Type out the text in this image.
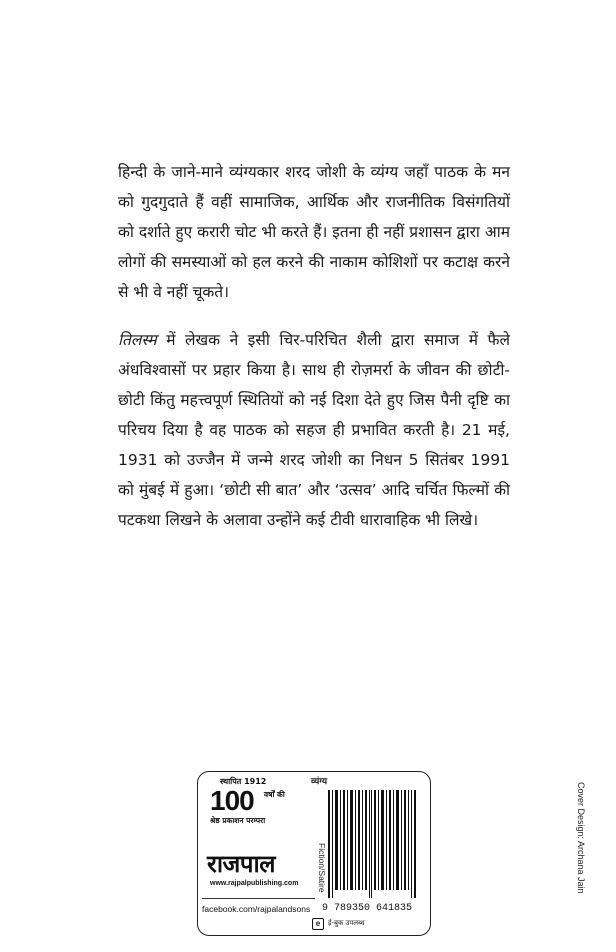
हिन्दी के जाने-माने व्यंग्यकार शरद जोशी के व्यंग्य जहाँ पाठक के मन को गुदगुदाते हैं वहीं सामाजिक, आर्थिक और राजनीतिक विसंगतियों को दर्शाते हुए करारी चोट भी करते हैं। इतना ही नहीं प्रशासन द्वारा आम लोगों की समस्याओं को हल करने की नाकाम कोशिशों पर कटाक्ष करने से भी वे नहीं चूकते।
तिलस्म में लेखक ने इसी चिर-परिचित शैली द्वारा समाज में फैले अंधविश्वासों पर प्रहार किया है। साथ ही रोज़मर्रा के जीवन की छोटी-छोटी किंतु महत्त्वपूर्ण स्थितियों को नई दिशा देते हुए जिस पैनी दृष्टि का परिचय दिया है वह पाठक को सहज ही प्रभावित करती है। 21 मई, 1931 को उज्जैन में जन्मे शरद जोशी का निधन 5 सितंबर 1991 को मुंबई में हुआ। ‘छोटी सी बात’ और ‘उत्सव’ आदि चर्चित फिल्मों की पटकथा लिखने के अलावा उन्होंने कई टीवी धारावाहिक भी लिखे।
Cover Design: Archana Jain
स्थापित 1912
100 वर्षों की
श्रेष्ठ प्रकाशन परम्परा
राजपाल
www.rajpalpublishing.com
facebook.com/rajpalandsons
व्यंग्य
9 789350 641835
Fiction/Satire
e	ई-बुक उपलब्ध
